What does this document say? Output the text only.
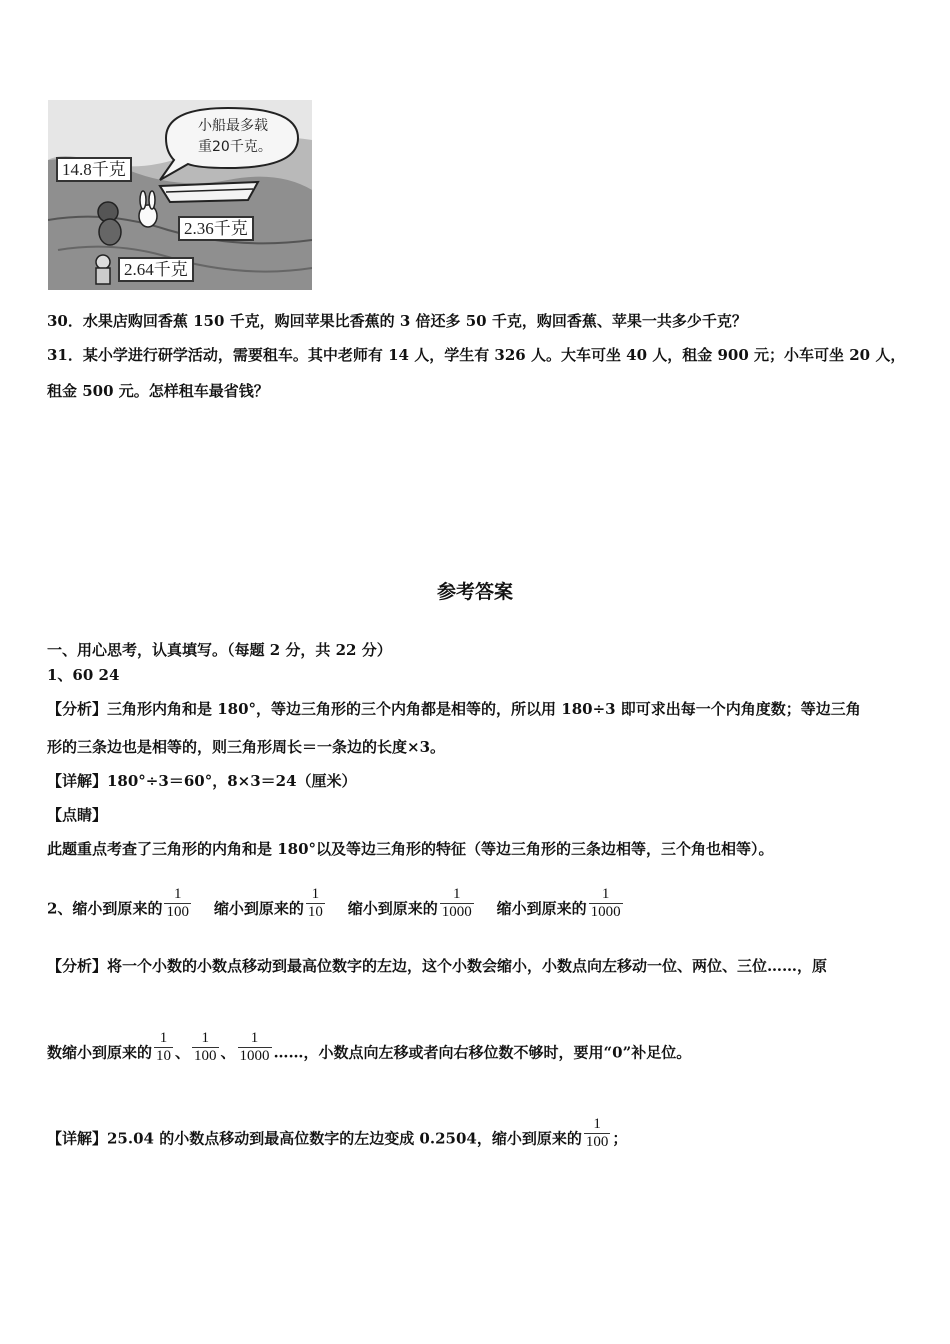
小船最多载
重20千克。
14.8千克
2.36千克
2.64千克
30．水果店购回香蕉 150 千克，购回苹果比香蕉的 3 倍还多 50 千克，购回香蕉、苹果一共多少千克？
31．某小学进行研学活动，需要租车。其中老师有 14 人，学生有 326 人。大车可坐 40 人，租金 900 元；小车可坐 20 人，
租金 500 元。怎样租车最省钱？
参考答案
一、用心思考，认真填写。（每题 2 分，共 22 分）
1、60 24
【分析】三角形内角和是 180°，等边三角形的三个内角都是相等的，所以用 180÷3 即可求出每一个内角度数；等边三角
形的三条边也是相等的，则三角形周长＝一条边的长度×3。
【详解】180°÷3＝60°，8×3＝24（厘米）
【点睛】
此题重点考查了三角形的内角和是 180°以及等边三角形的特征（等边三角形的三条边相等，三个角也相等）。
2、缩小到原来的 $\frac{1}{100}$ 缩小到原来的 $\frac{1}{10}$ 缩小到原来的 $\frac{1}{1000}$ 缩小到原来的 $\frac{1}{1000}$
【分析】将一个小数的小数点移动到最高位数字的左边，这个小数会缩小，小数点向左移动一位、两位、三位……，原
数缩小到原来的 $\frac{1}{10}$ 、 $\frac{1}{100}$ 、 $\frac{1}{1000}$ ……，小数点向左移或者向右移位数不够时，要用“0”补足位。
【详解】25.04 的小数点移动到最高位数字的左边变成 0.2504，缩小到原来的 $\frac{1}{100}$ ；
